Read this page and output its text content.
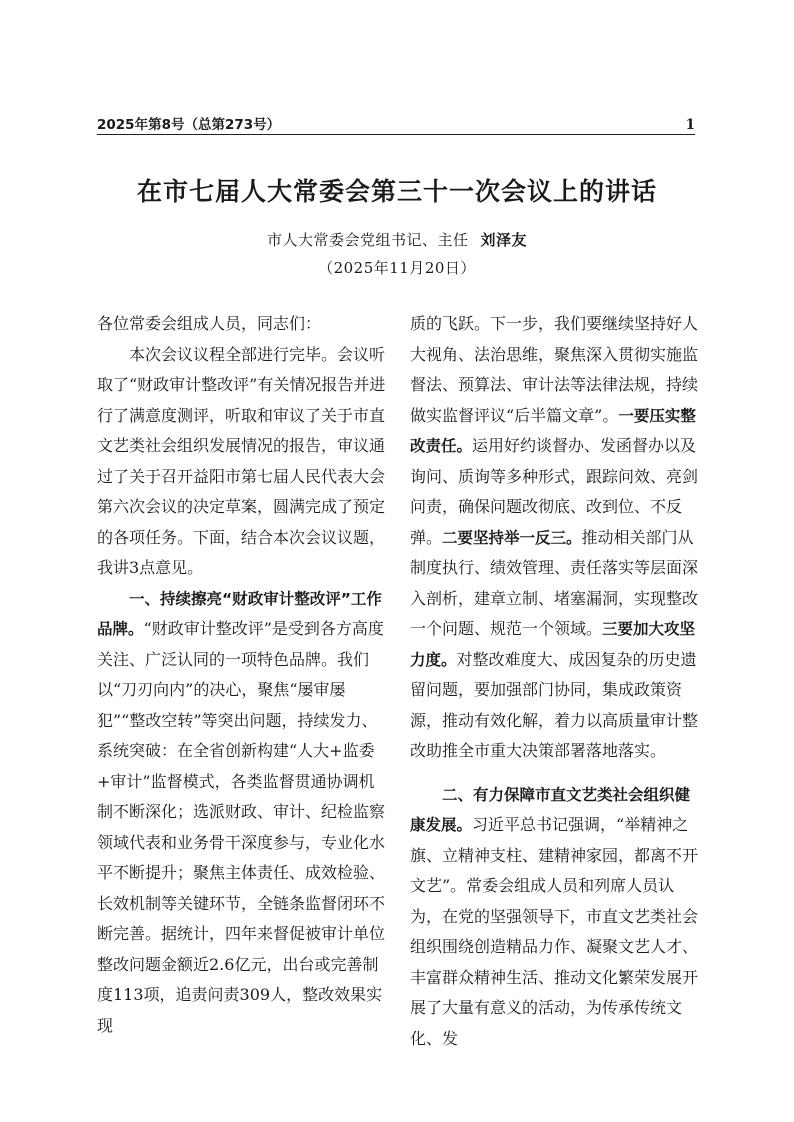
2025年第8号（总第273号）	1
在市七届人大常委会第三十一次会议上的讲话
市人大常委会党组书记、主任 刘泽友
（2025年11月20日）

各位常委会组成人员，同志们：

本次会议议程全部进行完毕。会议听取了“财政审计整改评”有关情况报告并进行了满意度测评，听取和审议了关于市直文艺类社会组织发展情况的报告，审议通过了关于召开益阳市第七届人民代表大会第六次会议的决定草案，圆满完成了预定的各项任务。下面，结合本次会议议题，我讲3点意见。

一、持续擦亮“财政审计整改评”工作品牌。“财政审计整改评”是受到各方高度关注、广泛认同的一项特色品牌。我们以“刀刃向内”的决心，聚焦“屡审屡犯”“整改空转”等突出问题，持续发力、系统突破：在全省创新构建“人大+监委+审计”监督模式，各类监督贯通协调机制不断深化；选派财政、审计、纪检监察领域代表和业务骨干深度参与，专业化水平不断提升；聚焦主体责任、成效检验、长效机制等关键环节，全链条监督闭环不断完善。据统计，四年来督促被审计单位整改问题金额近2.6亿元，出台或完善制度113项，追责问责309人，整改效果实现

质的飞跃。下一步，我们要继续坚持好人大视角、法治思维，聚焦深入贯彻实施监督法、预算法、审计法等法律法规，持续做实监督评议“后半篇文章”。一要压实整改责任。运用好约谈督办、发函督办以及询问、质询等多种形式，跟踪问效、亮剑问责，确保问题改彻底、改到位、不反弹。二要坚持举一反三。推动相关部门从制度执行、绩效管理、责任落实等层面深入剖析，建章立制、堵塞漏洞，实现整改一个问题、规范一个领域。三要加大攻坚力度。对整改难度大、成因复杂的历史遗留问题，要加强部门协同，集成政策资源，推动有效化解，着力以高质量审计整改助推全市重大决策部署落地落实。

二、有力保障市直文艺类社会组织健康发展。习近平总书记强调，“举精神之旗、立精神支柱、建精神家园，都离不开文艺”。常委会组成人员和列席人员认为，在党的坚强领导下，市直文艺类社会组织围绕创造精品力作、凝聚文艺人才、丰富群众精神生活、推动文化繁荣发展开展了大量有意义的活动，为传承传统文化、发
